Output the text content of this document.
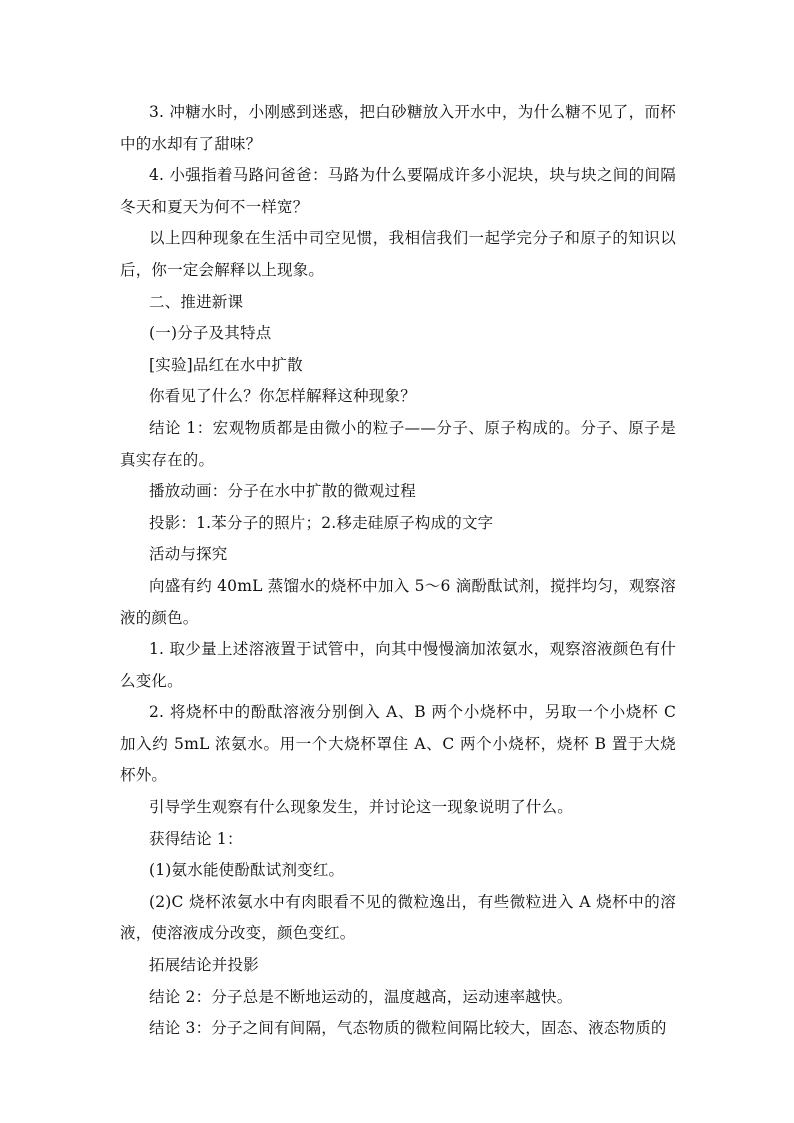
3. 冲糖水时，小刚感到迷惑，把白砂糖放入开水中，为什么糖不见了，而杯中的水却有了甜味？

4. 小强指着马路问爸爸：马路为什么要隔成许多小泥块，块与块之间的间隔冬天和夏天为何不一样宽？

以上四种现象在生活中司空见惯，我相信我们一起学完分子和原子的知识以后，你一定会解释以上现象。

二、推进新课

(一)分子及其特点

[实验]品红在水中扩散

你看见了什么？你怎样解释这种现象？

结论 1：宏观物质都是由微小的粒子——分子、原子构成的。分子、原子是真实存在的。

播放动画：分子在水中扩散的微观过程

投影：1.苯分子的照片；2.移走硅原子构成的文字

活动与探究

向盛有约 40mL 蒸馏水的烧杯中加入 5～6 滴酚酞试剂，搅拌均匀，观察溶液的颜色。

1. 取少量上述溶液置于试管中，向其中慢慢滴加浓氨水，观察溶液颜色有什么变化。

2. 将烧杯中的酚酞溶液分别倒入 A、B 两个小烧杯中，另取一个小烧杯 C 加入约 5mL 浓氨水。用一个大烧杯罩住 A、C 两个小烧杯，烧杯 B 置于大烧杯外。

引导学生观察有什么现象发生，并讨论这一现象说明了什么。

获得结论 1：

(1)氨水能使酚酞试剂变红。

(2)C 烧杯浓氨水中有肉眼看不见的微粒逸出，有些微粒进入 A 烧杯中的溶液，使溶液成分改变，颜色变红。

拓展结论并投影

结论 2：分子总是不断地运动的，温度越高，运动速率越快。

结论 3：分子之间有间隔，气态物质的微粒间隔比较大，固态、液态物质的
